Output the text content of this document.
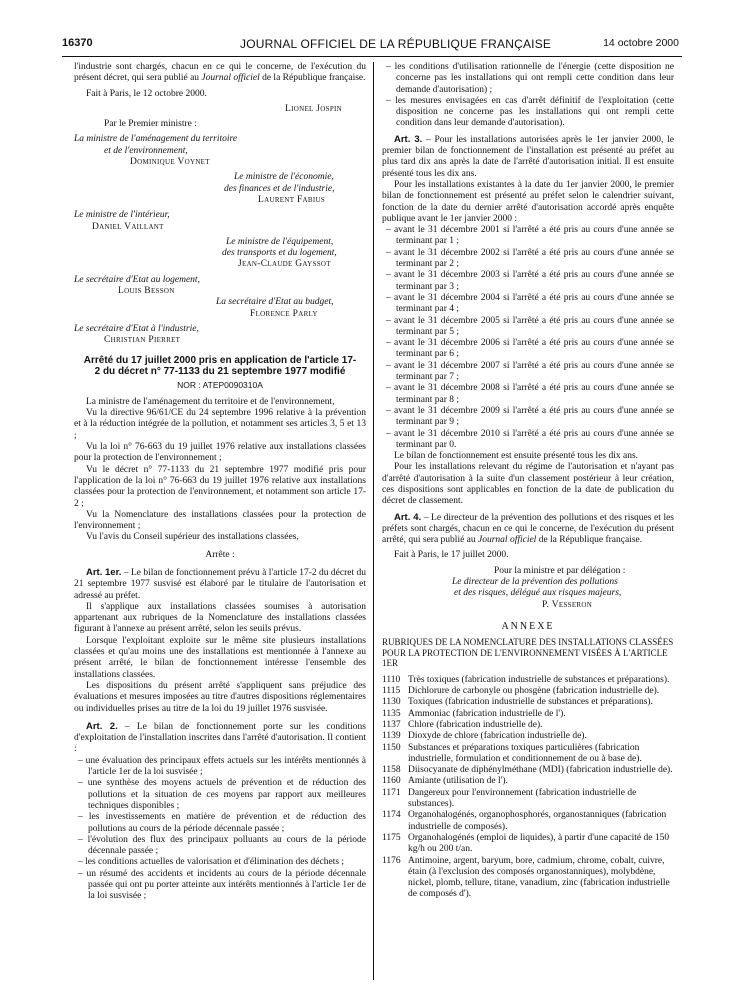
16370	JOURNAL OFFICIEL DE LA RÉPUBLIQUE FRANÇAISE	14 octobre 2000

l'industrie sont chargés, chacun en ce qui le concerne, de l'exécution du présent décret, qui sera publié au Journal officiel de la République française.

Fait à Paris, le 12 octobre 2000.

Lionel Jospin

Par le Premier ministre :

La ministre de l'aménagement du territoire

et de l'environnement,

Dominique Voynet

Le ministre de l'économie,

des finances et de l'industrie,

Laurent Fabius

Le ministre de l'intérieur,

Daniel Vaillant

Le ministre de l'équipement,

des transports et du logement,

Jean-Claude Gayssot

Le secrétaire d'Etat au logement,

Louis Besson

La secrétaire d'Etat au budget,

Florence Parly

Le secrétaire d'Etat à l'industrie,

Christian Pierret

Arrêté du 17 juillet 2000 pris en application de l'article 17-2 du décret n° 77-1133 du 21 septembre 1977 modifié

NOR : ATEP0090310A

La ministre de l'aménagement du territoire et de l'environnement,

Vu la directive 96/61/CE du 24 septembre 1996 relative à la prévention et à la réduction intégrée de la pollution, et notamment ses articles 3, 5 et 13 ;

Vu la loi n° 76-663 du 19 juillet 1976 relative aux installations classées pour la protection de l'environnement ;

Vu le décret n° 77-1133 du 21 septembre 1977 modifié pris pour l'application de la loi n° 76-663 du 19 juillet 1976 relative aux installations classées pour la protection de l'environnement, et notamment son article 17-2 ;

Vu la Nomenclature des installations classées pour la protection de l'environnement ;

Vu l'avis du Conseil supérieur des installations classées,

Arrête :

Art. 1er. – Le bilan de fonctionnement prévu à l'article 17-2 du décret du 21 septembre 1977 susvisé est élaboré par le titulaire de l'autorisation et adressé au préfet.

Il s'applique aux installations classées soumises à autorisation appartenant aux rubriques de la Nomenclature des installations classées figurant à l'annexe au présent arrêté, selon les seuils prévus.

Lorsque l'exploitant exploite sur le même site plusieurs installations classées et qu'au moins une des installations est mentionnée à l'annexe au présent arrêté, le bilan de fonctionnement intéresse l'ensemble des installations classées.

Les dispositions du présent arrêté s'appliquent sans préjudice des évaluations et mesures imposées au titre d'autres dispositions réglementaires ou individuelles prises au titre de la loi du 19 juillet 1976 susvisée.

Art. 2. – Le bilan de fonctionnement porte sur les conditions d'exploitation de l'installation inscrites dans l'arrêté d'autorisation. Il contient :

– une évaluation des principaux effets actuels sur les intérêts mentionnés à l'article 1er de la loi susvisée ;
– une synthèse des moyens actuels de prévention et de réduction des pollutions et la situation de ces moyens par rapport aux meilleures techniques disponibles ;
– les investissements en matière de prévention et de réduction des pollutions au cours de la période décennale passée ;
– l'évolution des flux des principaux polluants au cours de la période décennale passée ;
– les conditions actuelles de valorisation et d'élimination des déchets ;
– un résumé des accidents et incidents au cours de la période décennale passée qui ont pu porter atteinte aux intérêts mentionnés à l'article 1er de la loi susvisée ;
– les conditions d'utilisation rationnelle de l'énergie (cette disposition ne concerne pas les installations qui ont rempli cette condition dans leur demande d'autorisation) ;
– les mesures envisagées en cas d'arrêt définitif de l'exploitation (cette disposition ne concerne pas les installations qui ont rempli cette condition dans leur demande d'autorisation).

Art. 3. – Pour les installations autorisées après le 1er janvier 2000, le premier bilan de fonctionnement de l'installation est présenté au préfet au plus tard dix ans après la date de l'arrêté d'autorisation initial. Il est ensuite présenté tous les dix ans.

Pour les installations existantes à la date du 1er janvier 2000, le premier bilan de fonctionnement est présenté au préfet selon le calendrier suivant, fonction de la date du dernier arrêté d'autorisation accordé après enquête publique avant le 1er janvier 2000 :

– avant le 31 décembre 2001 si l'arrêté a été pris au cours d'une année se terminant par 1 ;
– avant le 31 décembre 2002 si l'arrêté a été pris au cours d'une année se terminant par 2 ;
– avant le 31 décembre 2003 si l'arrêté a été pris au cours d'une année se terminant par 3 ;
– avant le 31 décembre 2004 si l'arrêté a été pris au cours d'une année se terminant par 4 ;
– avant le 31 décembre 2005 si l'arrêté a été pris au cours d'une année se terminant par 5 ;
– avant le 31 décembre 2006 si l'arrêté a été pris au cours d'une année se terminant par 6 ;
– avant le 31 décembre 2007 si l'arrêté a été pris au cours d'une année se terminant par 7 ;
– avant le 31 décembre 2008 si l'arrêté a été pris au cours d'une année se terminant par 8 ;
– avant le 31 décembre 2009 si l'arrêté a été pris au cours d'une année se terminant par 9 ;
– avant le 31 décembre 2010 si l'arrêté a été pris au cours d'une année se terminant par 0.

Le bilan de fonctionnement est ensuite présenté tous les dix ans.

Pour les installations relevant du régime de l'autorisation et n'ayant pas d'arrêté d'autorisation à la suite d'un classement postérieur à leur création, ces dispositions sont applicables en fonction de la date de publication du décret de classement.

Art. 4. – Le directeur de la prévention des pollutions et des risques et les préfets sont chargés, chacun en ce qui le concerne, de l'exécution du présent arrêté, qui sera publié au Journal officiel de la République française.

Fait à Paris, le 17 juillet 2000.

Pour la ministre et par délégation :

Le directeur de la prévention des pollutions

et des risques, délégué aux risques majeurs,

P. Vesseron

ANNEXE

RUBRIQUES DE LA NOMENCLATURE DES INSTALLATIONS CLASSÉES POUR LA PROTECTION DE L'ENVIRONNEMENT VISÉES À L'ARTICLE 1ER

1110 Très toxiques (fabrication industrielle de substances et préparations).
1115 Dichlorure de carbonyle ou phosgène (fabrication industrielle de).
1130 Toxiques (fabrication industrielle de substances et préparations).
1135 Ammoniac (fabrication industrielle de l').
1137 Chlore (fabrication industrielle de).
1139 Dioxyde de chlore (fabrication industrielle de).
1150 Substances et préparations toxiques particulières (fabrication industrielle, formulation et conditionnement de ou à base de).
1158 Diisocyanate de diphénylméthane (MDI) (fabrication industrielle de).
1160 Amiante (utilisation de l').
1171 Dangereux pour l'environnement (fabrication industrielle de substances).
1174 Organohalogénés, organophosphorés, organostanniques (fabrication industrielle de composés).
1175 Organohalogénés (emploi de liquides), à partir d'une capacité de 150 kg/h ou 200 t/an.
1176 Antimoine, argent, baryum, bore, cadmium, chrome, cobalt, cuivre, étain (à l'exclusion des composés organostanniques), molybdène, nickel, plomb, tellure, titane, vanadium, zinc (fabrication industrielle de composés d').
